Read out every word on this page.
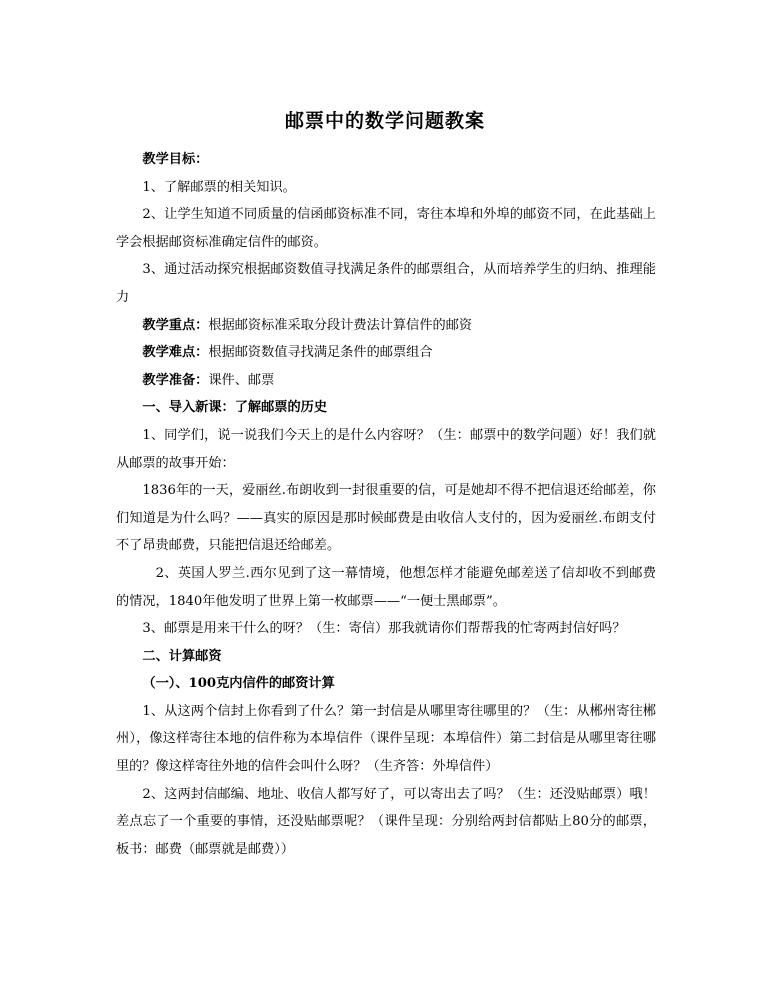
邮票中的数学问题教案

教学目标：

1、了解邮票的相关知识。

2、让学生知道不同质量的信函邮资标准不同，寄往本埠和外埠的邮资不同，在此基础上学会根据邮资标准确定信件的邮资。

3、通过活动探究根据邮资数值寻找满足条件的邮票组合，从而培养学生的归纳、推理能力

教学重点：根据邮资标准采取分段计费法计算信件的邮资

教学难点：根据邮资数值寻找满足条件的邮票组合

教学准备：课件、邮票

一、导入新课：了解邮票的历史

1、同学们，说一说我们今天上的是什么内容呀？（生：邮票中的数学问题）好！我们就从邮票的故事开始：

1836年的一天，爱丽丝.布朗收到一封很重要的信，可是她却不得不把信退还给邮差，你们知道是为什么吗？——真实的原因是那时候邮费是由收信人支付的，因为爱丽丝.布朗支付不了昂贵邮费，只能把信退还给邮差。

2、英国人罗兰.西尔见到了这一幕情境，他想怎样才能避免邮差送了信却收不到邮费的情况，1840年他发明了世界上第一枚邮票——“一便士黑邮票”。

3、邮票是用来干什么的呀？（生：寄信）那我就请你们帮帮我的忙寄两封信好吗？

二、计算邮资

（一）、100克内信件的邮资计算

1、从这两个信封上你看到了什么？第一封信是从哪里寄往哪里的？（生：从郴州寄往郴州），像这样寄往本地的信件称为本埠信件（课件呈现：本埠信件）第二封信是从哪里寄往哪里的？像这样寄往外地的信件会叫什么呀？（生齐答：外埠信件）

2、这两封信邮编、地址、收信人都写好了，可以寄出去了吗？（生：还没贴邮票）哦！差点忘了一个重要的事情，还没贴邮票呢？（课件呈现：分别给两封信都贴上80分的邮票，板书：邮费（邮票就是邮费））
